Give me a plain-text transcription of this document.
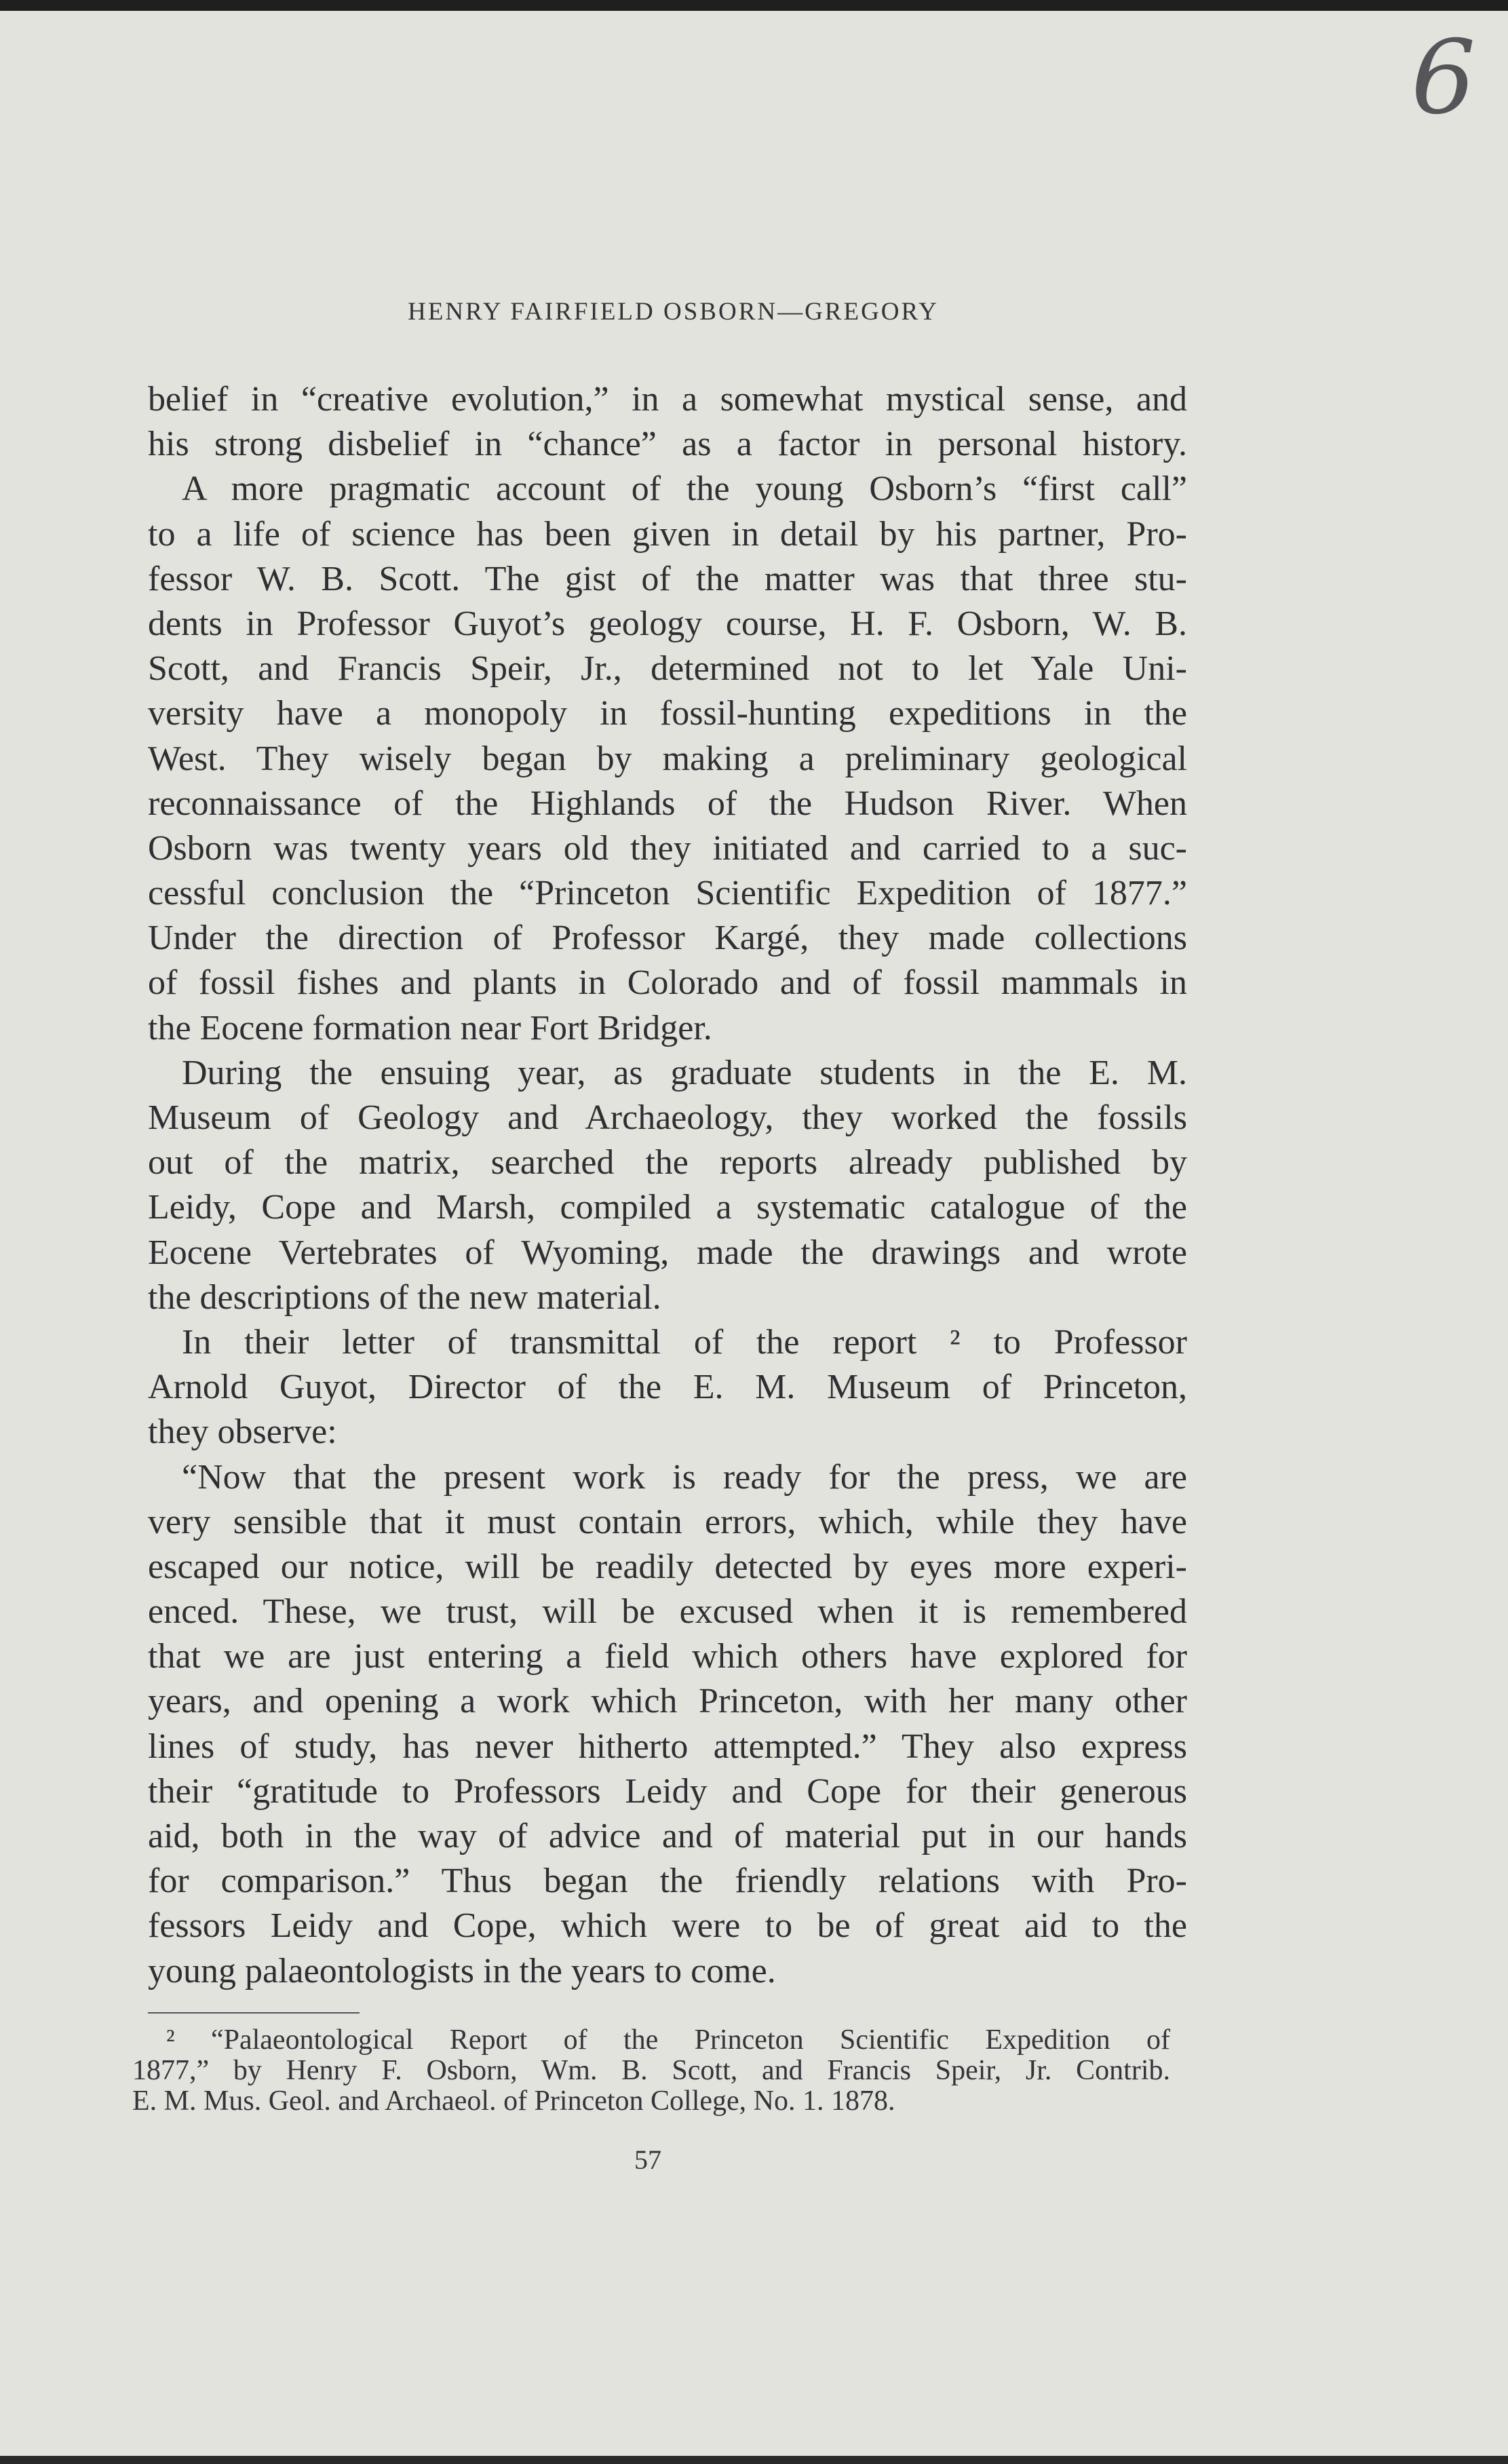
6
HENRY FAIRFIELD OSBORN—GREGORY
belief in “creative evolution,” in a somewhat mystical sense, and
his strong disbelief in “chance” as a factor in personal history.
A more pragmatic account of the young Osborn’s “first call”
to a life of science has been given in detail by his partner, Pro-
fessor W. B. Scott. The gist of the matter was that three stu-
dents in Professor Guyot’s geology course, H. F. Osborn, W. B.
Scott, and Francis Speir, Jr., determined not to let Yale Uni-
versity have a monopoly in fossil-hunting expeditions in the
West. They wisely began by making a preliminary geological
reconnaissance of the Highlands of the Hudson River. When
Osborn was twenty years old they initiated and carried to a suc-
cessful conclusion the “Princeton Scientific Expedition of 1877.”
Under the direction of Professor Kargé, they made collections
of fossil fishes and plants in Colorado and of fossil mammals in
the Eocene formation near Fort Bridger.
During the ensuing year, as graduate students in the E. M.
Museum of Geology and Archaeology, they worked the fossils
out of the matrix, searched the reports already published by
Leidy, Cope and Marsh, compiled a systematic catalogue of the
Eocene Vertebrates of Wyoming, made the drawings and wrote
the descriptions of the new material.
In their letter of transmittal of the report ² to Professor
Arnold Guyot, Director of the E. M. Museum of Princeton,
they observe:
“Now that the present work is ready for the press, we are
very sensible that it must contain errors, which, while they have
escaped our notice, will be readily detected by eyes more experi-
enced. These, we trust, will be excused when it is remembered
that we are just entering a field which others have explored for
years, and opening a work which Princeton, with her many other
lines of study, has never hitherto attempted.” They also express
their “gratitude to Professors Leidy and Cope for their generous
aid, both in the way of advice and of material put in our hands
for comparison.” Thus began the friendly relations with Pro-
fessors Leidy and Cope, which were to be of great aid to the
young palaeontologists in the years to come.
² “Palaeontological Report of the Princeton Scientific Expedition of
1877,” by Henry F. Osborn, Wm. B. Scott, and Francis Speir, Jr. Contrib.
E. M. Mus. Geol. and Archaeol. of Princeton College, No. 1. 1878.
57
